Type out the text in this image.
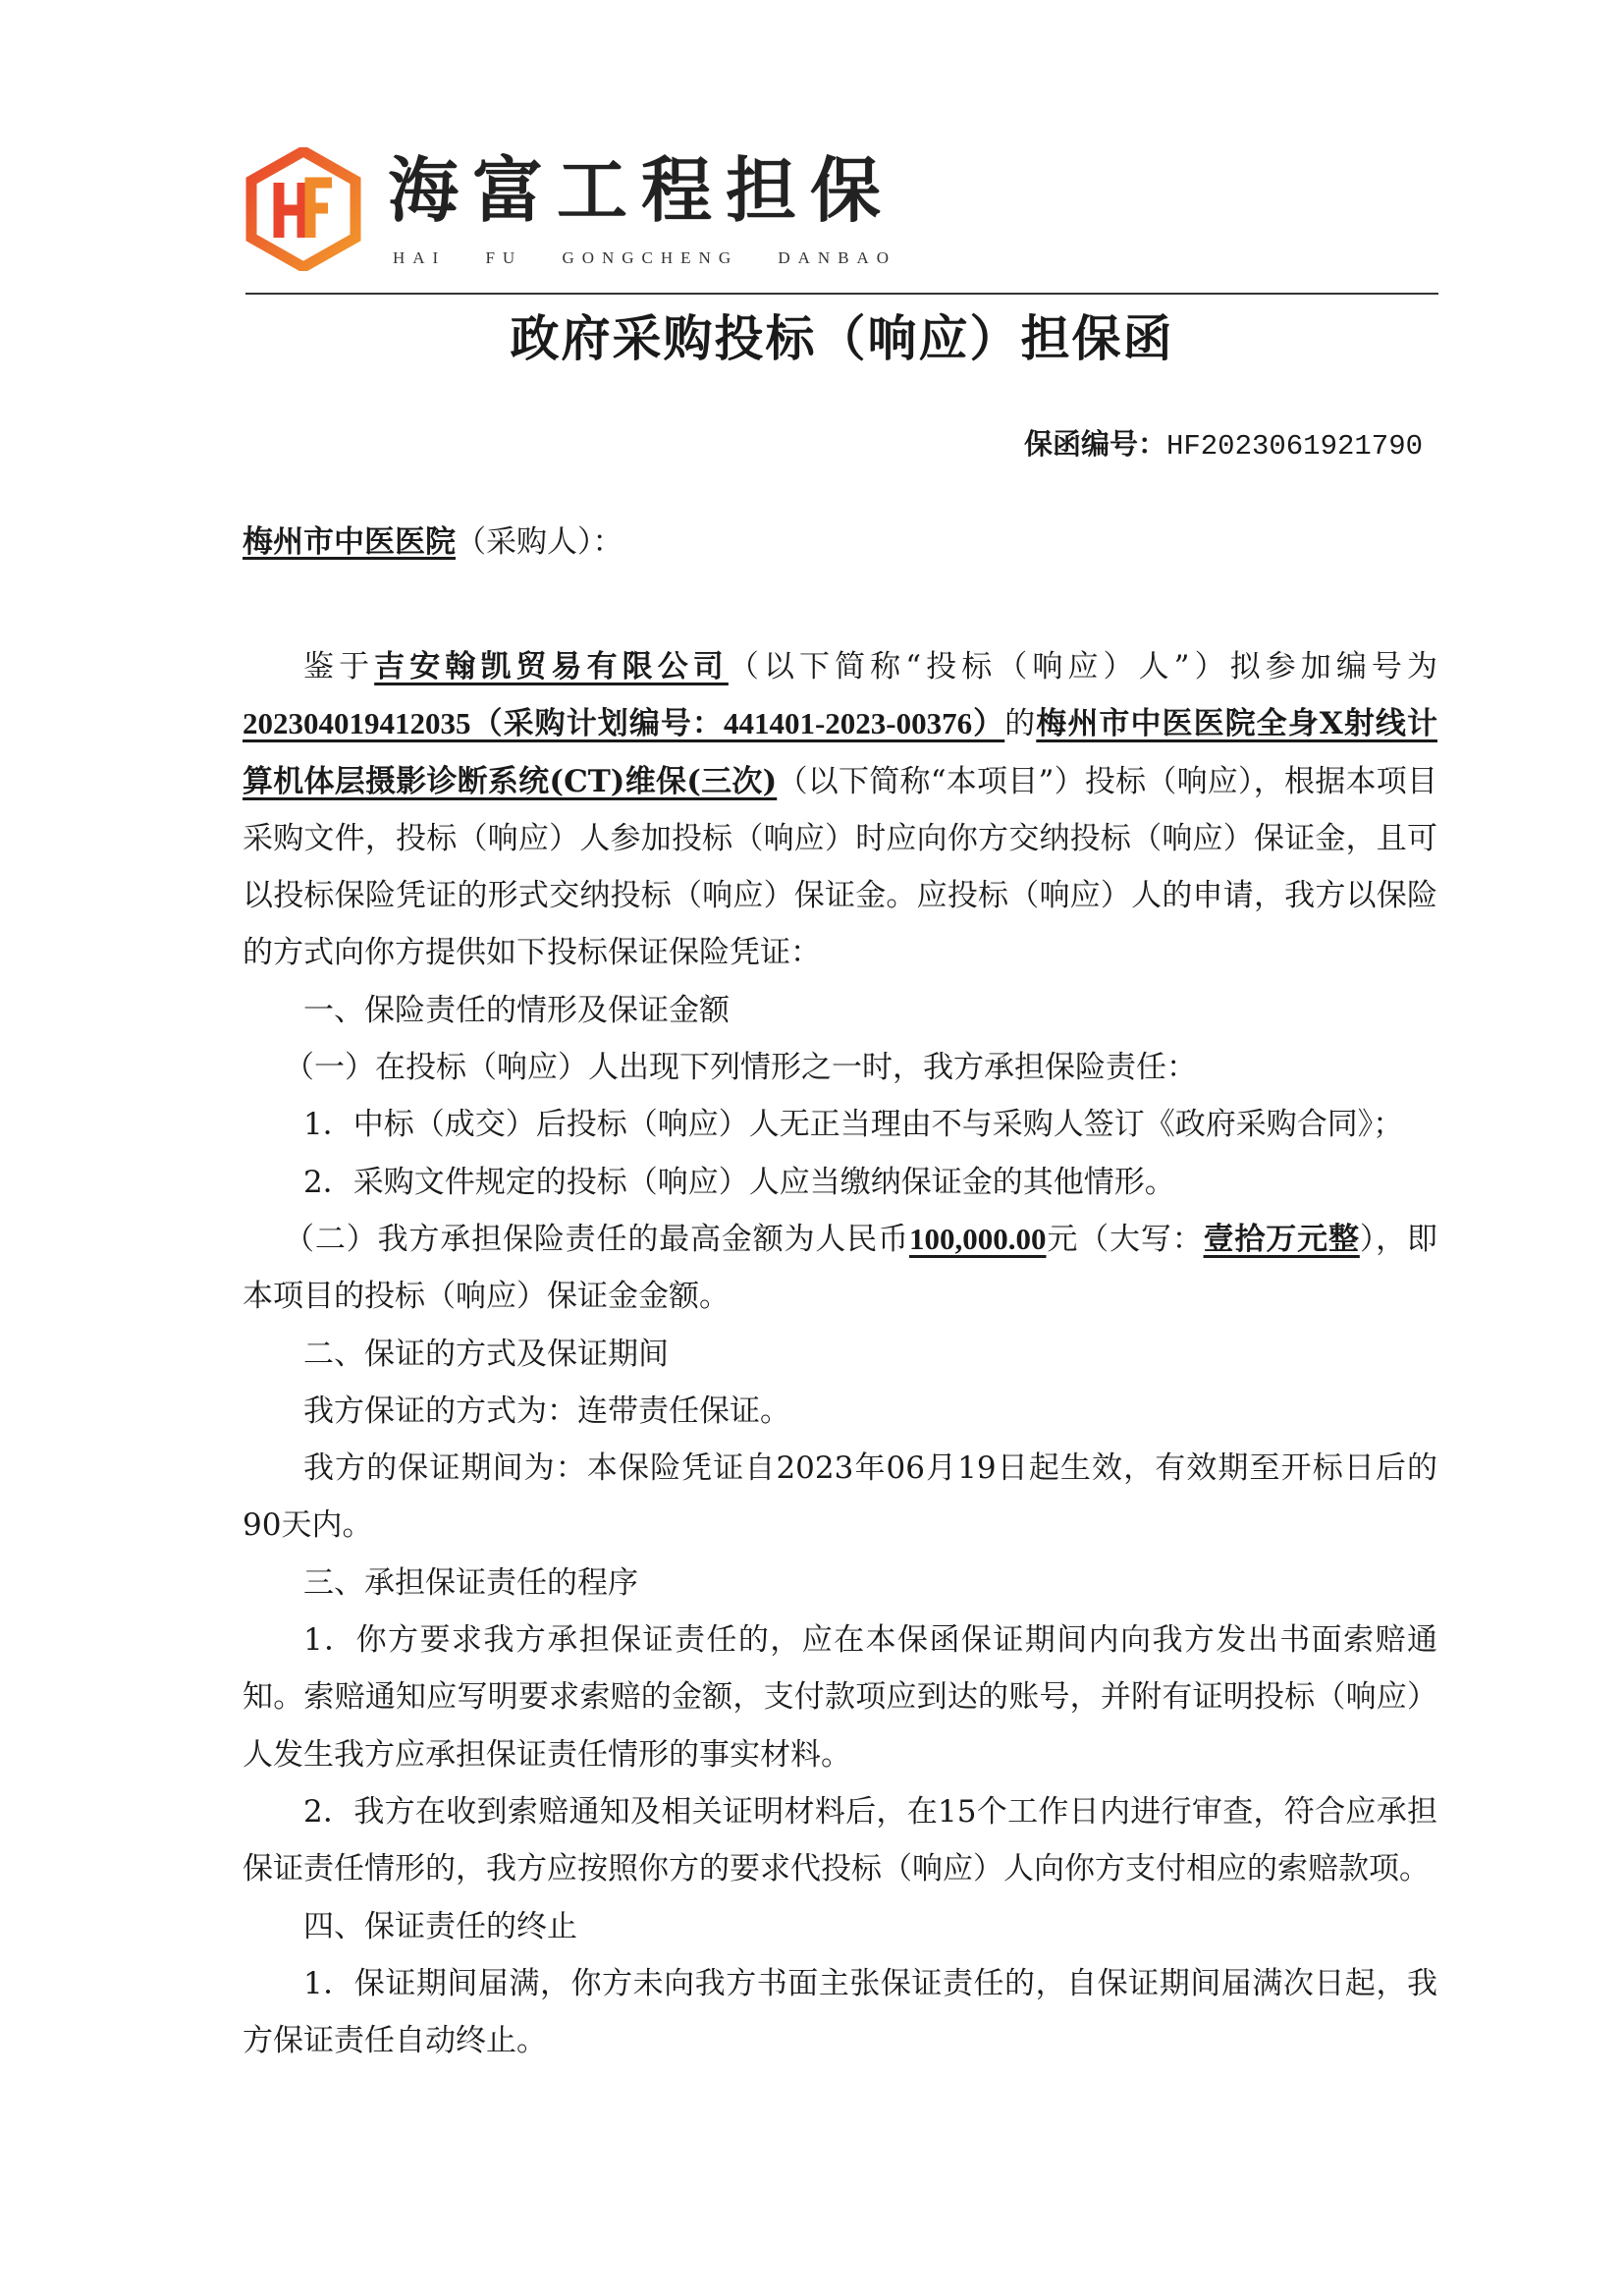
海富工程担保
HAI FU GONGCHENG DANBAO
政府采购投标（响应）担保函
保函编号：HF2023061921790
梅州市中医医院（采购人）：

鉴于吉安翰凯贸易有限公司（以下简称“投标（响应）人”）拟参加编号为202304019412035（采购计划编号：441401-2023-00376）的梅州市中医医院全身X射线计算机体层摄影诊断系统(CT)维保(三次)（以下简称“本项目”）投标（响应），根据本项目采购文件，投标（响应）人参加投标（响应）时应向你方交纳投标（响应）保证金，且可以投标保险凭证的形式交纳投标（响应）保证金。应投标（响应）人的申请，我方以保险的方式向你方提供如下投标保证保险凭证：

一、保险责任的情形及保证金额

（一）在投标（响应）人出现下列情形之一时，我方承担保险责任：

1．中标（成交）后投标（响应）人无正当理由不与采购人签订《政府采购合同》；

2．采购文件规定的投标（响应）人应当缴纳保证金的其他情形。

（二）我方承担保险责任的最高金额为人民币100,000.00元（大写：壹拾万元整），即本项目的投标（响应）保证金金额。

二、保证的方式及保证期间

我方保证的方式为：连带责任保证。

我方的保证期间为：本保险凭证自2023年06月19日起生效，有效期至开标日后的90天内。

三、承担保证责任的程序

1．你方要求我方承担保证责任的，应在本保函保证期间内向我方发出书面索赔通知。索赔通知应写明要求索赔的金额，支付款项应到达的账号，并附有证明投标（响应）人发生我方应承担保证责任情形的事实材料。

2．我方在收到索赔通知及相关证明材料后，在15个工作日内进行审查，符合应承担保证责任情形的，我方应按照你方的要求代投标（响应）人向你方支付相应的索赔款项。

四、保证责任的终止

1．保证期间届满，你方未向我方书面主张保证责任的，自保证期间届满次日起，我方保证责任自动终止。
